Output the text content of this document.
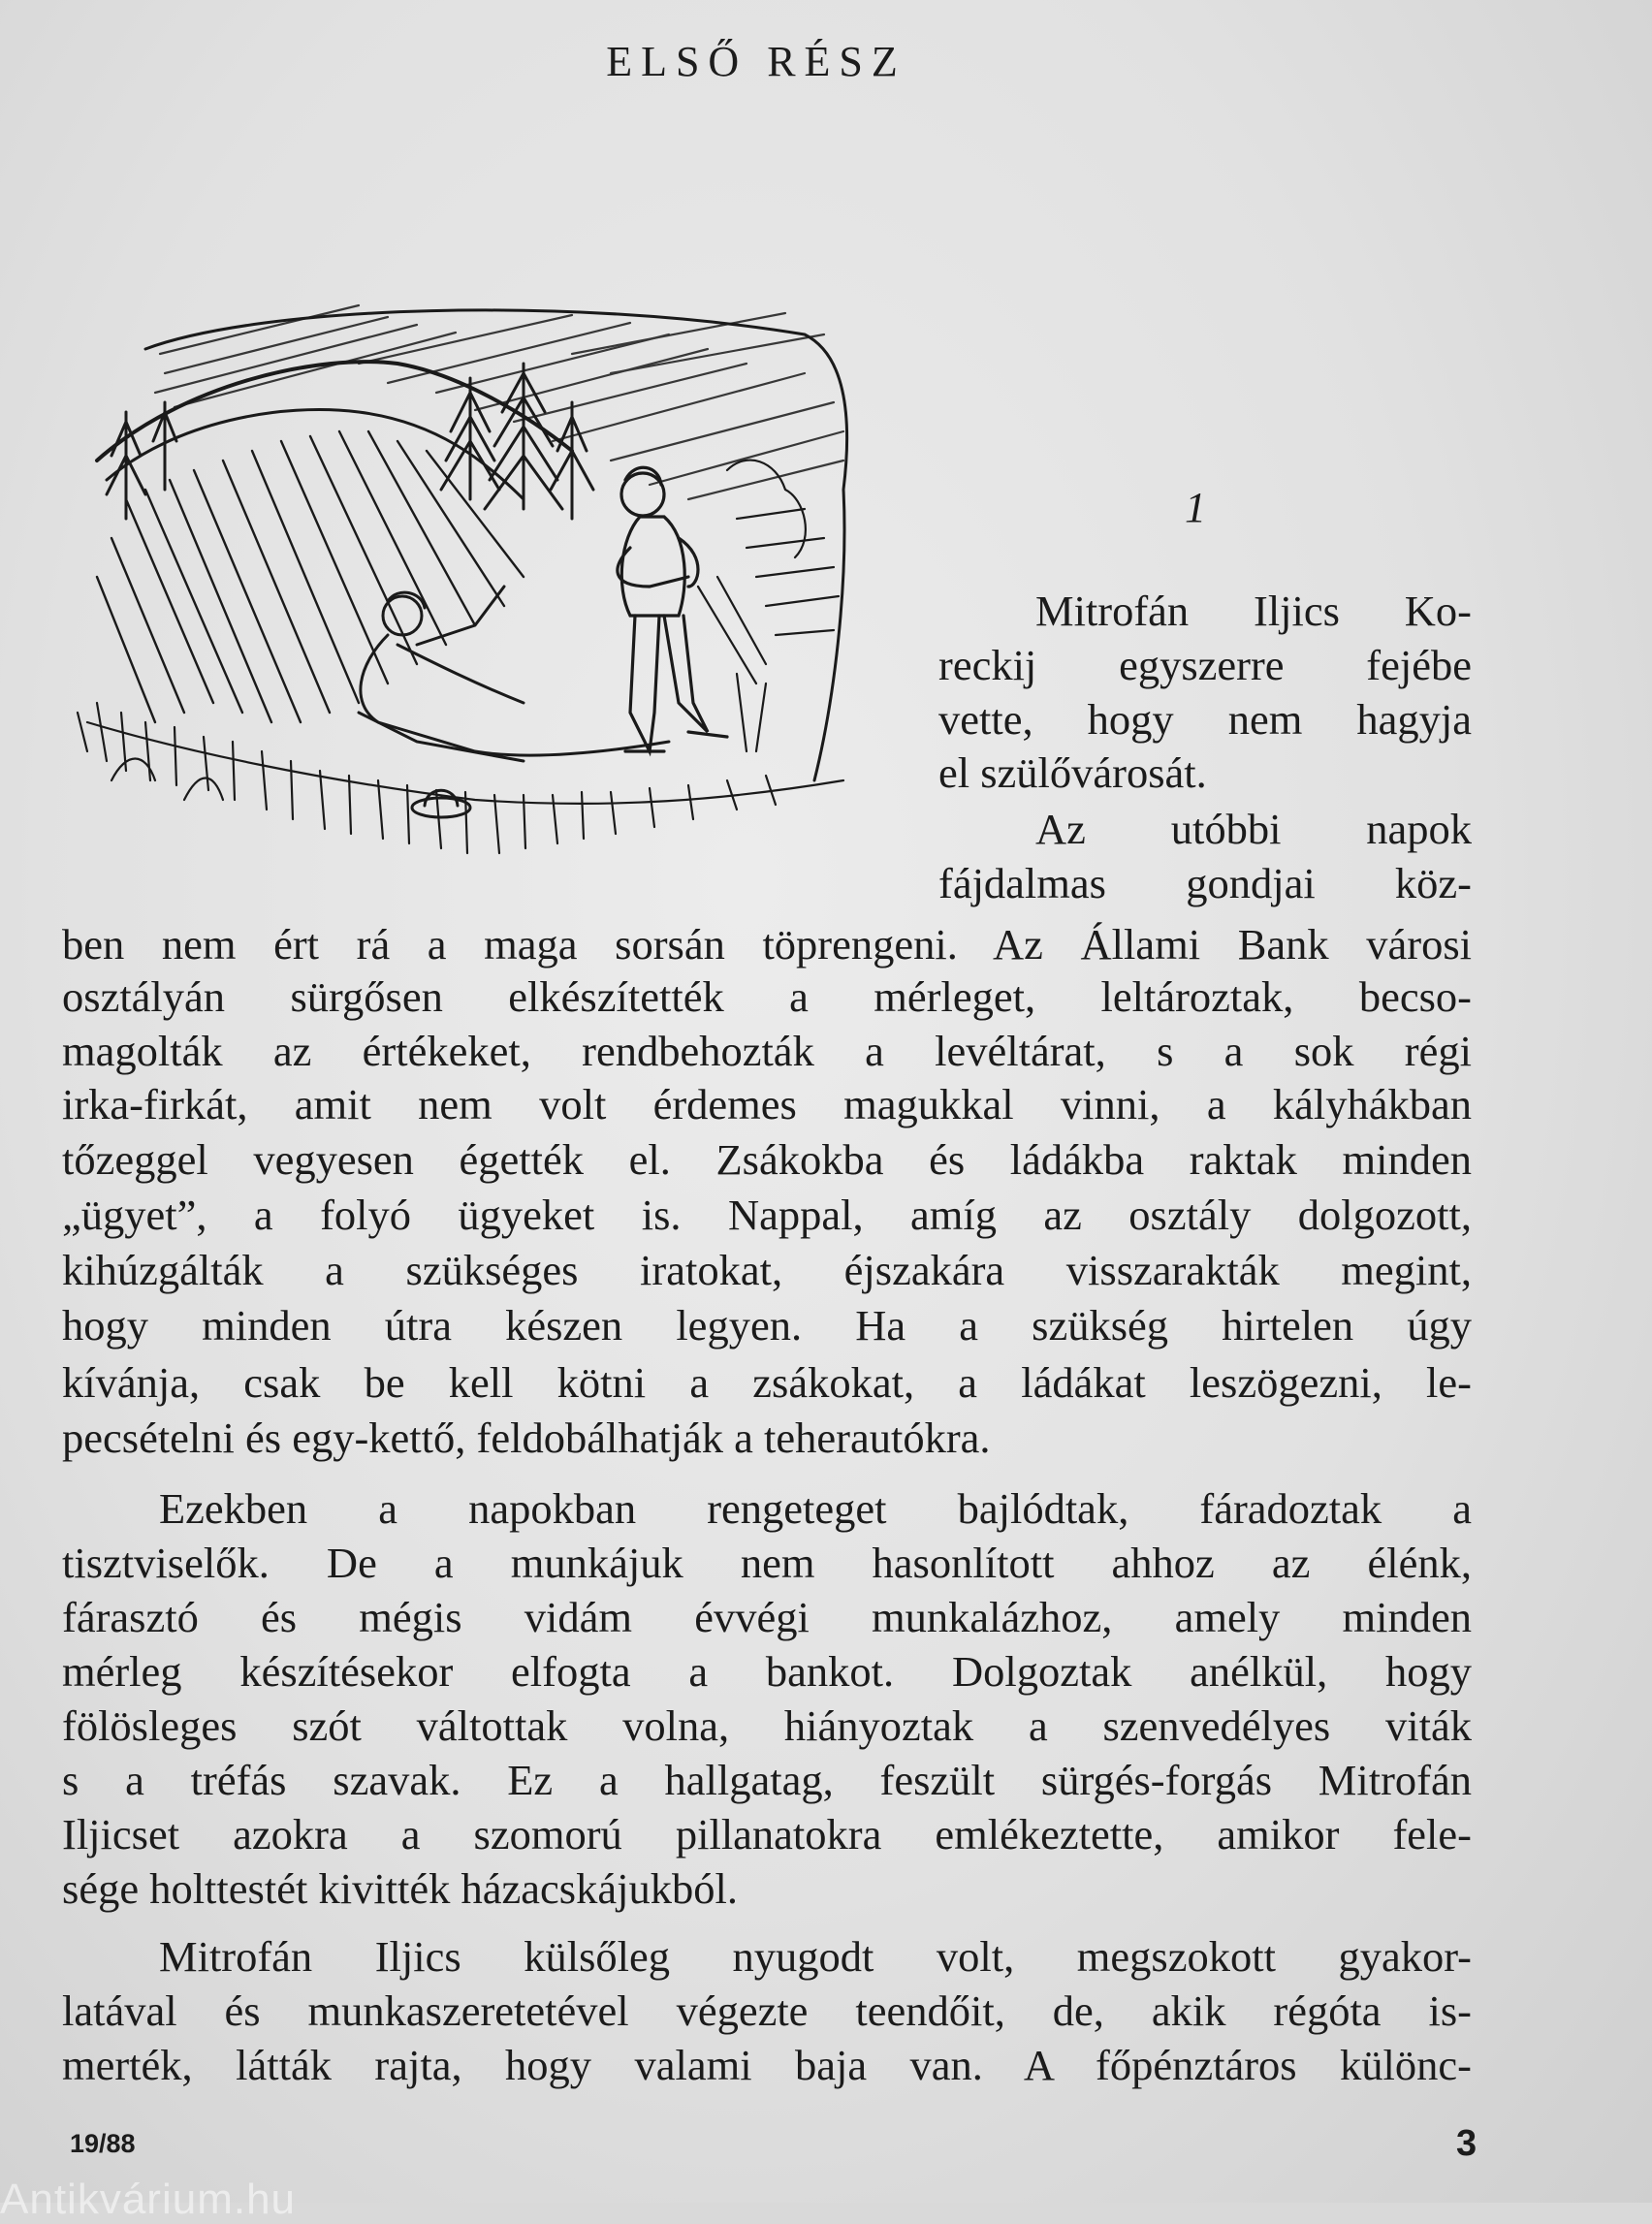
ELSŐ RÉSZ
1
Mitrofán Iljics Ko-
reckij egyszerre fejébe
vette, hogy nem hagyja
el szülővárosát.
Az utóbbi napok
fájdalmas gondjai köz-
ben nem ért rá a maga sorsán töprengeni. Az Állami Bank városi
osztályán sürgősen elkészítették a mérleget, leltároztak, becso-
magolták az értékeket, rendbehozták a levéltárat, s a sok régi
irka-firkát, amit nem volt érdemes magukkal vinni, a kályhákban
tőzeggel vegyesen égették el. Zsákokba és ládákba raktak minden
„ügyet”, a folyó ügyeket is. Nappal, amíg az osztály dolgozott,
kihúzgálták a szükséges iratokat, éjszakára visszarakták megint,
hogy minden útra készen legyen. Ha a szükség hirtelen úgy
kívánja, csak be kell kötni a zsákokat, a ládákat leszögezni, le-
pecsételni és egy-kettő, feldobálhatják a teherautókra.
Ezekben a napokban rengeteget bajlódtak, fáradoztak a
tisztviselők. De a munkájuk nem hasonlított ahhoz az élénk,
fárasztó és mégis vidám évvégi munkalázhoz, amely minden
mérleg készítésekor elfogta a bankot. Dolgoztak anélkül, hogy
fölösleges szót váltottak volna, hiányoztak a szenvedélyes viták
s a tréfás szavak. Ez a hallgatag, feszült sürgés-forgás Mitrofán
Iljicset azokra a szomorú pillanatokra emlékeztette, amikor fele-
sége holttestét kivitték házacskájukból.
Mitrofán Iljics külsőleg nyugodt volt, megszokott gyakor-
latával és munkaszeretetével végezte teendőit, de, akik régóta is-
merték, látták rajta, hogy valami baja van. A főpénztáros különc-
19/88	3
Antikvárium.hu
